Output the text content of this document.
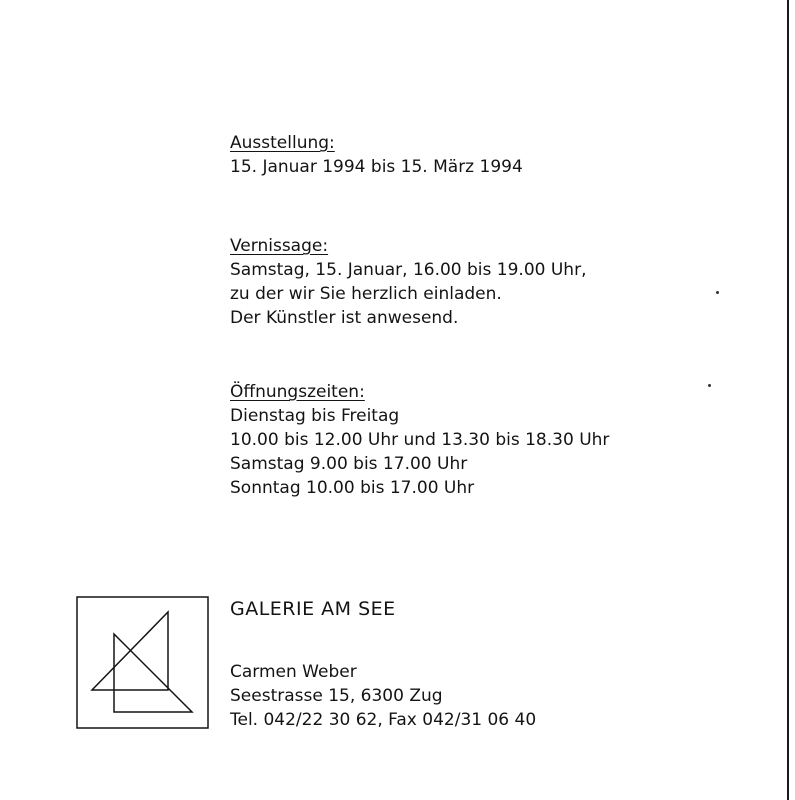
Ausstellung:

15. Januar 1994 bis 15. März 1994

Vernissage:

Samstag, 15. Januar, 16.00 bis 19.00 Uhr,

zu der wir Sie herzlich einladen.

Der Künstler ist anwesend.

Öffnungszeiten:

Dienstag bis Freitag

10.00 bis 12.00 Uhr und 13.30 bis 18.30 Uhr

Samstag 9.00 bis 17.00 Uhr

Sonntag 10.00 bis 17.00 Uhr

GALERIE AM SEE

Carmen Weber

Seestrasse 15, 6300 Zug

Tel. 042/22 30 62, Fax 042/31 06 40
